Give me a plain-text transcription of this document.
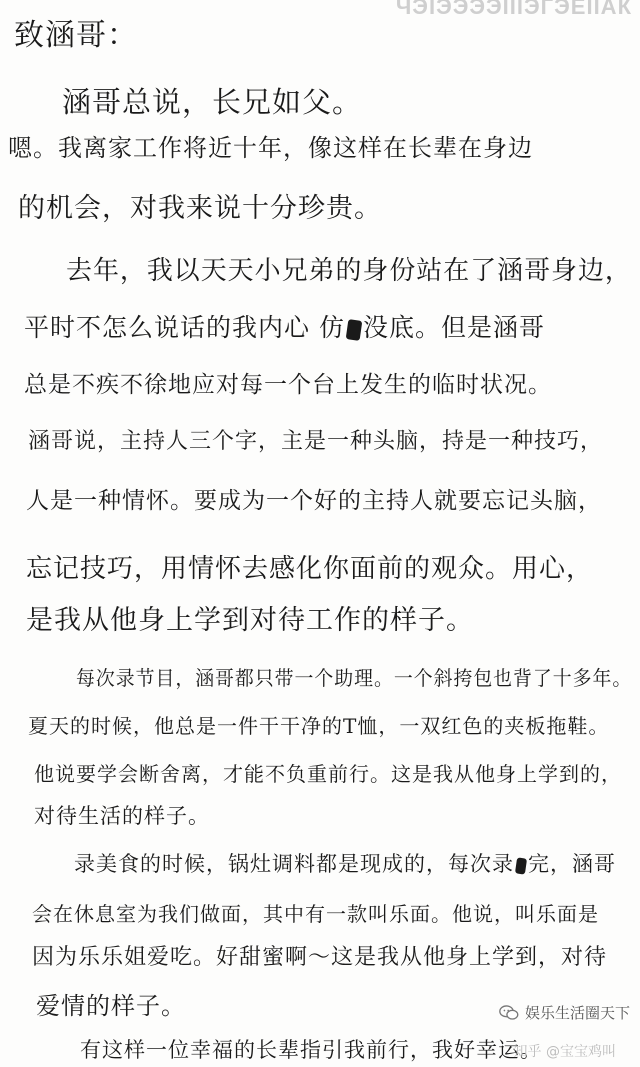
ЧЭІЭЭЭЭІІІЭГЭЕІІАК
致涵哥：
涵哥总说，长兄如父。
嗯。我离家工作将近十年，像这样在长辈在身边
的机会，对我来说十分珍贵。
去年，我以天天小兄弟的身份站在了涵哥身边，
平时不怎么说话的我内心 仿 没底。但是涵哥
总是不疾不徐地应对每一个台上发生的临时状况。
涵哥说，主持人三个字，主是一种头脑，持是一种技巧，
人是一种情怀。要成为一个好的主持人就要忘记头脑，
忘记技巧，用情怀去感化你面前的观众。用心，
是我从他身上学到对待工作的样子。
每次录节目，涵哥都只带一个助理。一个斜挎包也背了十多年。
夏天的时候，他总是一件干干净的T恤，一双红色的夹板拖鞋。
他说要学会断舍离，才能不负重前行。这是我从他身上学到的，
对待生活的样子。
录美食的时候，锅灶调料都是现成的，每次录 完，涵哥
会在休息室为我们做面，其中有一款叫乐面。他说，叫乐面是
因为乐乐姐爱吃。好甜蜜啊～这是我从他身上学到，对待
爱情的样子。
有这样一位幸福的长辈指引我前行，我好幸运。
娱乐生活圈天下
知乎 @宝宝鸡叫
